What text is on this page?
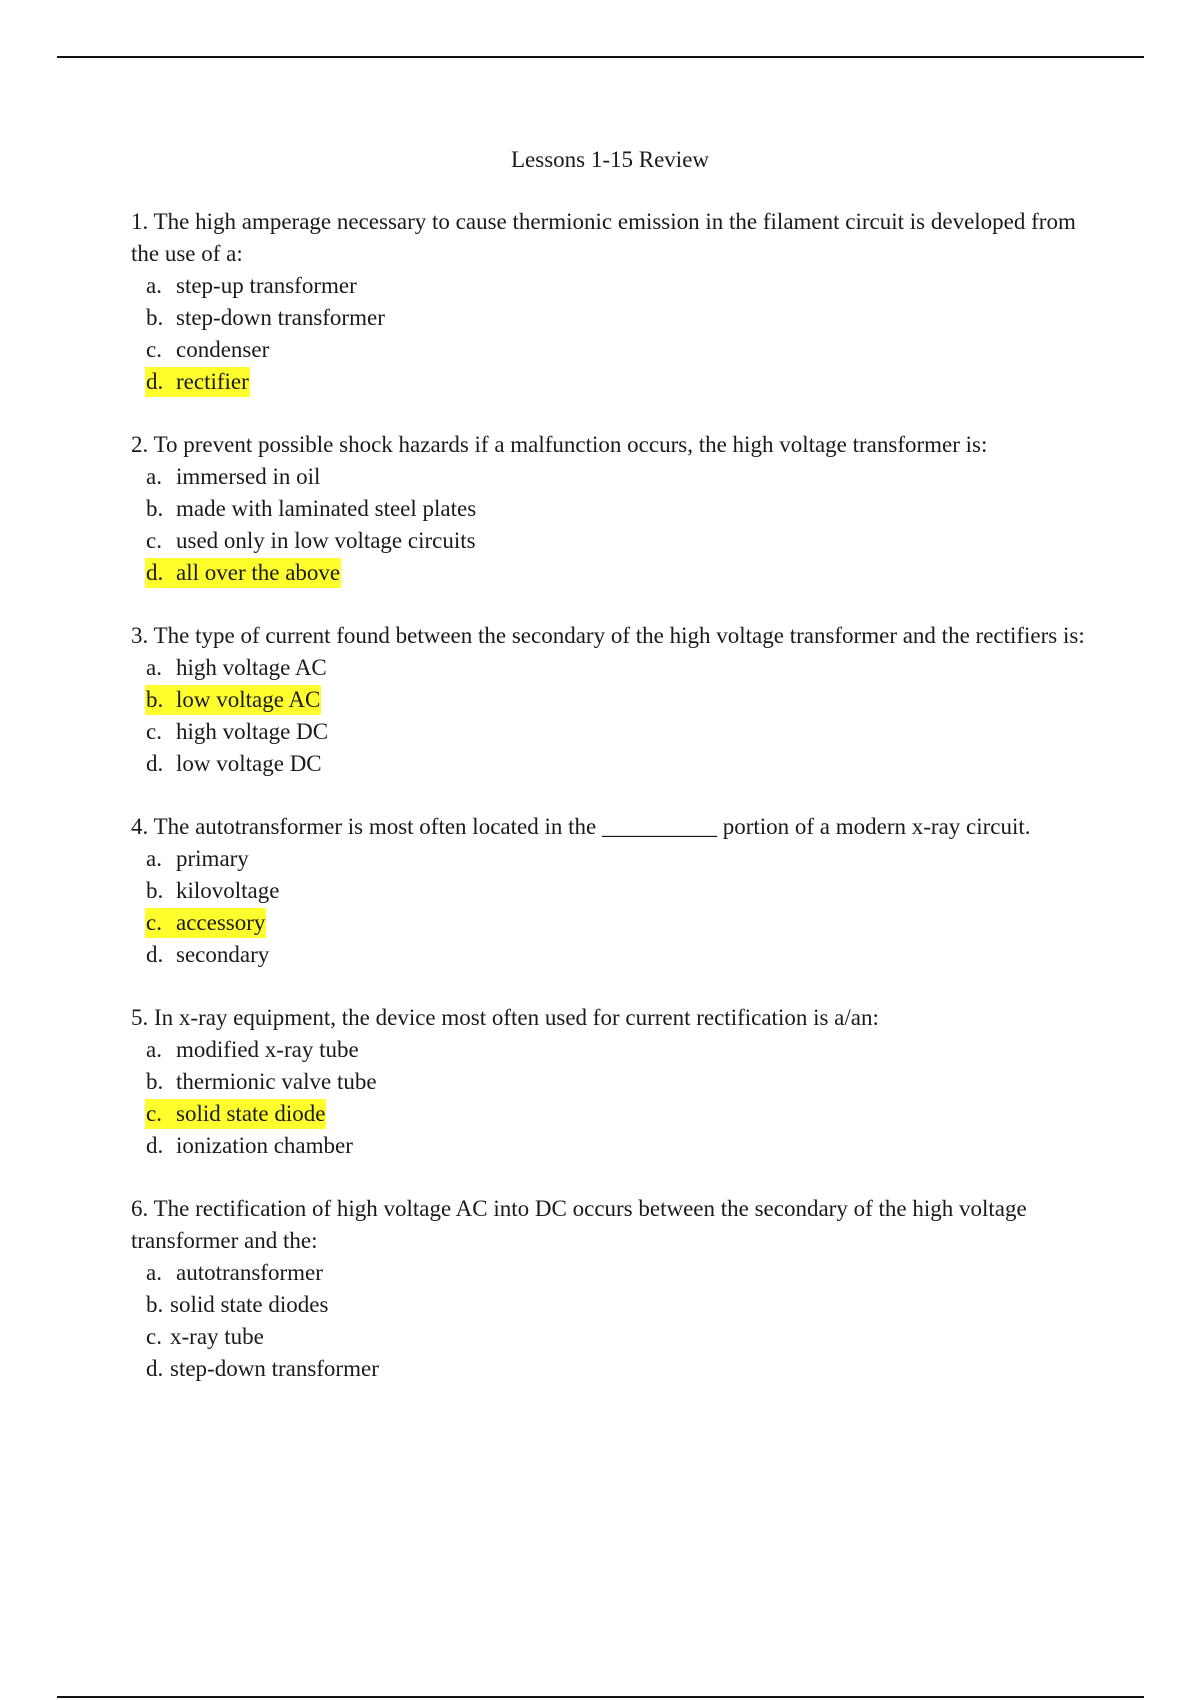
Lessons 1-15 Review

1. The high amperage necessary to cause thermionic emission in the filament circuit is developed from the use of a:

a. step-up transformer
b. step-down transformer
c. condenser
d. rectifier

2. To prevent possible shock hazards if a malfunction occurs, the high voltage transformer is:

a. immersed in oil
b. made with laminated steel plates
c. used only in low voltage circuits
d. all over the above

3. The type of current found between the secondary of the high voltage transformer and the rectifiers is:

a. high voltage AC
b. low voltage AC
c. high voltage DC
d. low voltage DC

4. The autotransformer is most often located in the __________ portion of a modern x-ray circuit.

a. primary
b. kilovoltage
c. accessory
d. secondary

5. In x-ray equipment, the device most often used for current rectification is a/an:

a. modified x-ray tube
b. thermionic valve tube
c. solid state diode
d. ionization chamber

6. The rectification of high voltage AC into DC occurs between the secondary of the high voltage transformer and the:

a. autotransformer
b. solid state diodes
c. x-ray tube
d. step-down transformer
